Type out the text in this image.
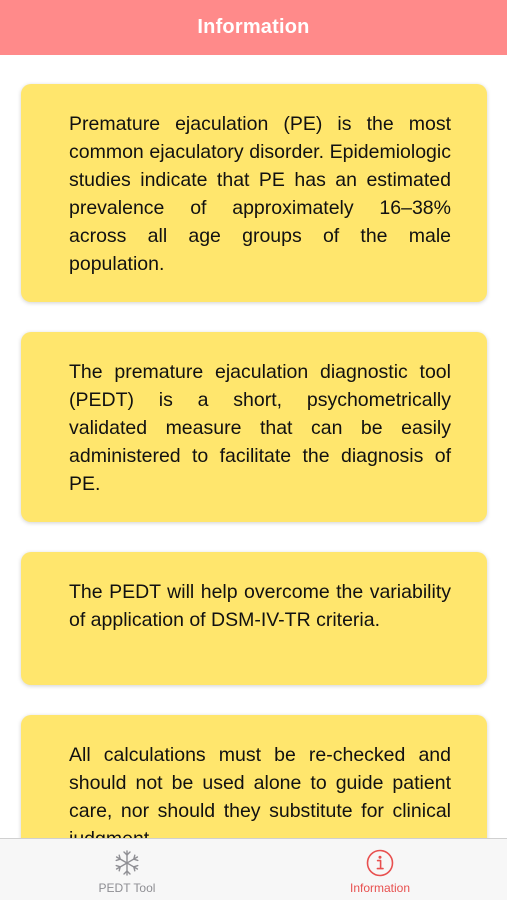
Information

Premature ejaculation (PE) is the most common ejaculatory disorder. Epidemiologic studies indicate that PE has an estimated prevalence of approximately 16–38% across all age groups of the male population.

The premature ejaculation diagnostic tool (PEDT) is a short, psychometrically validated measure that can be easily administered to facilitate the diagnosis of PE.

The PEDT will help overcome the variability of application of DSM-IV-TR criteria.

All calculations must be re-checked and should not be used alone to guide patient care, nor should they substitute for clinical

PEDT Tool	Information
